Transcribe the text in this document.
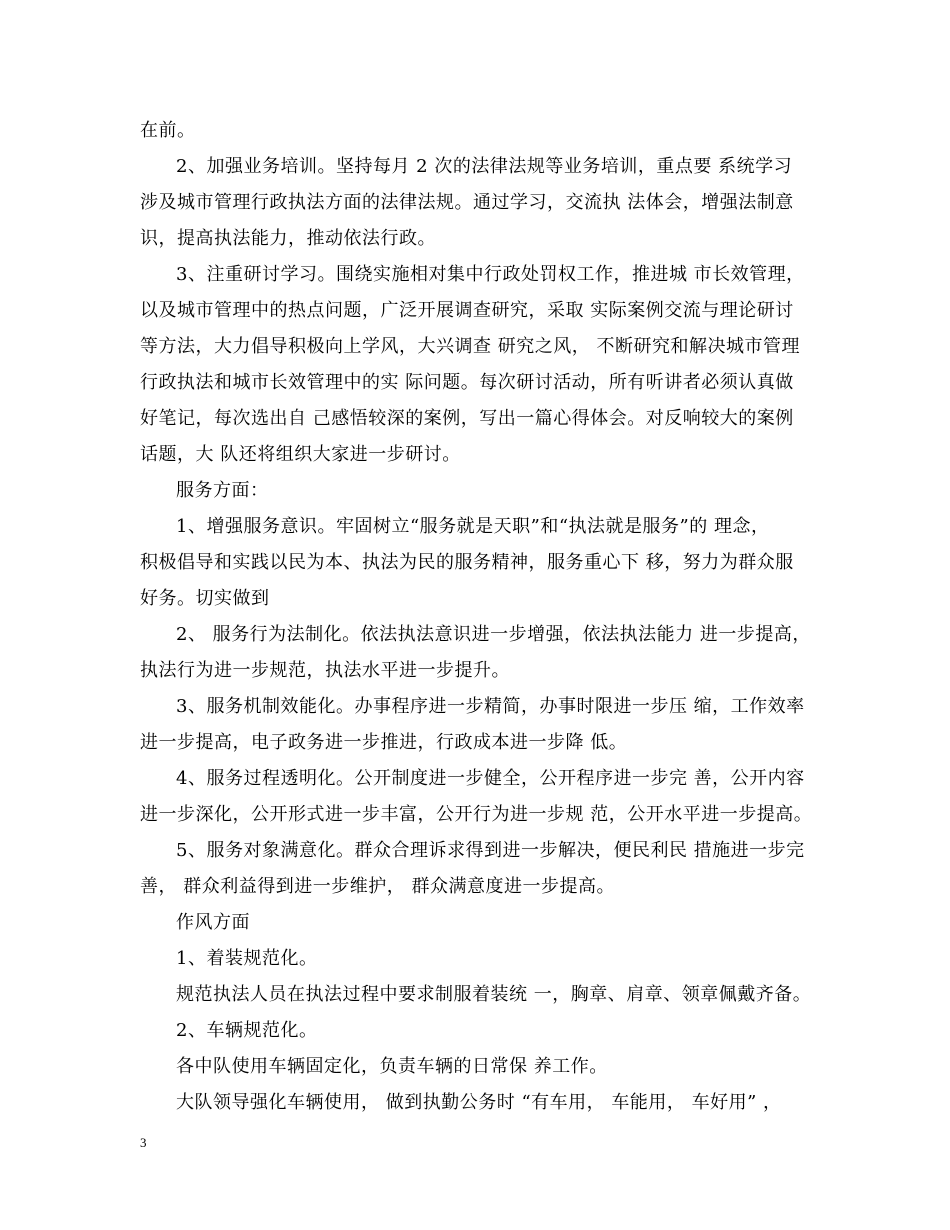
在前。
2、加强业务培训。坚持每月 2 次的法律法规等业务培训，重点要 系统学习
涉及城市管理行政执法方面的法律法规。通过学习，交流执 法体会，增强法制意
识，提高执法能力，推动依法行政。
3、注重研讨学习。围绕实施相对集中行政处罚权工作，推进城 市长效管理，
以及城市管理中的热点问题，广泛开展调查研究，采取 实际案例交流与理论研讨
等方法，大力倡导积极向上学风，大兴调查 研究之风， 不断研究和解决城市管理
行政执法和城市长效管理中的实 际问题。每次研讨活动，所有听讲者必须认真做
好笔记，每次选出自 己感悟较深的案例，写出一篇心得体会。对反响较大的案例
话题，大 队还将组织大家进一步研讨。
服务方面：
1、增强服务意识。牢固树立“服务就是天职”和“执法就是服务”的 理念，
积极倡导和实践以民为本、执法为民的服务精神，服务重心下 移，努力为群众服
好务。切实做到
2、 服务行为法制化。依法执法意识进一步增强，依法执法能力 进一步提高，
执法行为进一步规范，执法水平进一步提升。
3、服务机制效能化。办事程序进一步精简，办事时限进一步压 缩，工作效率
进一步提高，电子政务进一步推进，行政成本进一步降 低。
4、服务过程透明化。公开制度进一步健全，公开程序进一步完 善，公开内容
进一步深化，公开形式进一步丰富，公开行为进一步规 范，公开水平进一步提高。
5、服务对象满意化。群众合理诉求得到进一步解决，便民利民 措施进一步完
善， 群众利益得到进一步维护， 群众满意度进一步提高。
作风方面
1、着装规范化。
规范执法人员在执法过程中要求制服着装统 一，胸章、肩章、领章佩戴齐备。
2、车辆规范化。
各中队使用车辆固定化，负责车辆的日常保 养工作。
大队领导强化车辆使用， 做到执勤公务时 “有车用， 车能用， 车好用” ，
3
